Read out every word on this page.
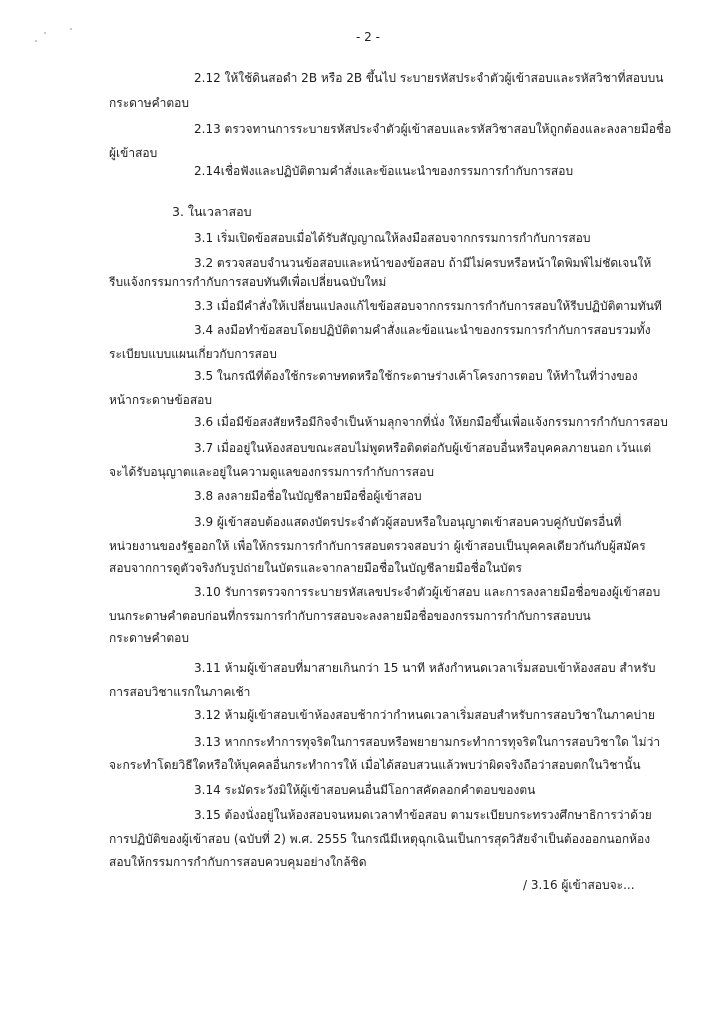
- 2 -
2.12 ให้ใช้ดินสอดำ 2B หรือ 2B ขึ้นไป ระบายรหัสประจำตัวผู้เข้าสอบและรหัสวิชาที่สอบบน
กระดาษคำตอบ
2.13 ตรวจทานการระบายรหัสประจำตัวผู้เข้าสอบและรหัสวิชาสอบให้ถูกต้องและลงลายมือชื่อ
ผู้เข้าสอบ
2.14เชื่อฟังและปฏิบัติตามคำสั่งและข้อแนะนำของกรรมการกำกับการสอบ
3. ในเวลาสอบ
3.1 เริ่มเปิดข้อสอบเมื่อได้รับสัญญาณให้ลงมือสอบจากกรรมการกำกับการสอบ
3.2 ตรวจสอบจำนวนข้อสอบและหน้าของข้อสอบ ถ้ามีไม่ครบหรือหน้าใดพิมพ์ไม่ชัดเจนให้
รีบแจ้งกรรมการกำกับการสอบทันทีเพื่อเปลี่ยนฉบับใหม่
3.3 เมื่อมีคำสั่งให้เปลี่ยนแปลงแก้ไขข้อสอบจากกรรมการกำกับการสอบให้รีบปฏิบัติตามทันที
3.4 ลงมือทำข้อสอบโดยปฏิบัติตามคำสั่งและข้อแนะนำของกรรมการกำกับการสอบรวมทั้ง
ระเบียบแบบแผนเกี่ยวกับการสอบ
3.5 ในกรณีที่ต้องใช้กระดาษทดหรือใช้กระดาษร่างเค้าโครงการตอบ ให้ทำในที่ว่างของ
หน้ากระดาษข้อสอบ
3.6 เมื่อมีข้อสงสัยหรือมีกิจจำเป็นห้ามลุกจากที่นั่ง ให้ยกมือขึ้นเพื่อแจ้งกรรมการกำกับการสอบ
3.7 เมื่ออยู่ในห้องสอบขณะสอบไม่พูดหรือติดต่อกับผู้เข้าสอบอื่นหรือบุคคลภายนอก เว้นแต่
จะได้รับอนุญาตและอยู่ในความดูแลของกรรมการกำกับการสอบ
3.8 ลงลายมือชื่อในบัญชีลายมือชื่อผู้เข้าสอบ
3.9 ผู้เข้าสอบต้องแสดงบัตรประจำตัวผู้สอบหรือใบอนุญาตเข้าสอบควบคู่กับบัตรอื่นที่
หน่วยงานของรัฐออกให้ เพื่อให้กรรมการกำกับการสอบตรวจสอบว่า ผู้เข้าสอบเป็นบุคคลเดียวกันกับผู้สมัคร
สอบจากการดูตัวจริงกับรูปถ่ายในบัตรและจากลายมือชื่อในบัญชีลายมือชื่อในบัตร
3.10 รับการตรวจการระบายรหัสเลขประจำตัวผู้เข้าสอบ และการลงลายมือชื่อของผู้เข้าสอบ
บนกระดาษคำตอบก่อนที่กรรมการกำกับการสอบจะลงลายมือชื่อของกรรมการกำกับการสอบบน
กระดาษคำตอบ
3.11 ห้ามผู้เข้าสอบที่มาสายเกินกว่า 15 นาที หลังกำหนดเวลาเริ่มสอบเข้าห้องสอบ สำหรับ
การสอบวิชาแรกในภาคเช้า
3.12 ห้ามผู้เข้าสอบเข้าห้องสอบช้ากว่ากำหนดเวลาเริ่มสอบสำหรับการสอบวิชาในภาคบ่าย
3.13 หากกระทำการทุจริตในการสอบหรือพยายามกระทำการทุจริตในการสอบวิชาใด ไม่ว่า
จะกระทำโดยวิธีใดหรือให้บุคคลอื่นกระทำการให้ เมื่อได้สอบสวนแล้วพบว่าผิดจริงถือว่าสอบตกในวิชานั้น
3.14 ระมัดระวังมิให้ผู้เข้าสอบคนอื่นมีโอกาสคัดลอกคำตอบของตน
3.15 ต้องนั่งอยู่ในห้องสอบจนหมดเวลาทำข้อสอบ ตามระเบียบกระทรวงศึกษาธิการว่าด้วย
การปฏิบัติของผู้เข้าสอบ (ฉบับที่ 2) พ.ศ. 2555 ในกรณีมีเหตุฉุกเฉินเป็นการสุดวิสัยจำเป็นต้องออกนอกห้อง
สอบให้กรรมการกำกับการสอบควบคุมอย่างใกล้ชิด
/ 3.16 ผู้เข้าสอบจะ...
